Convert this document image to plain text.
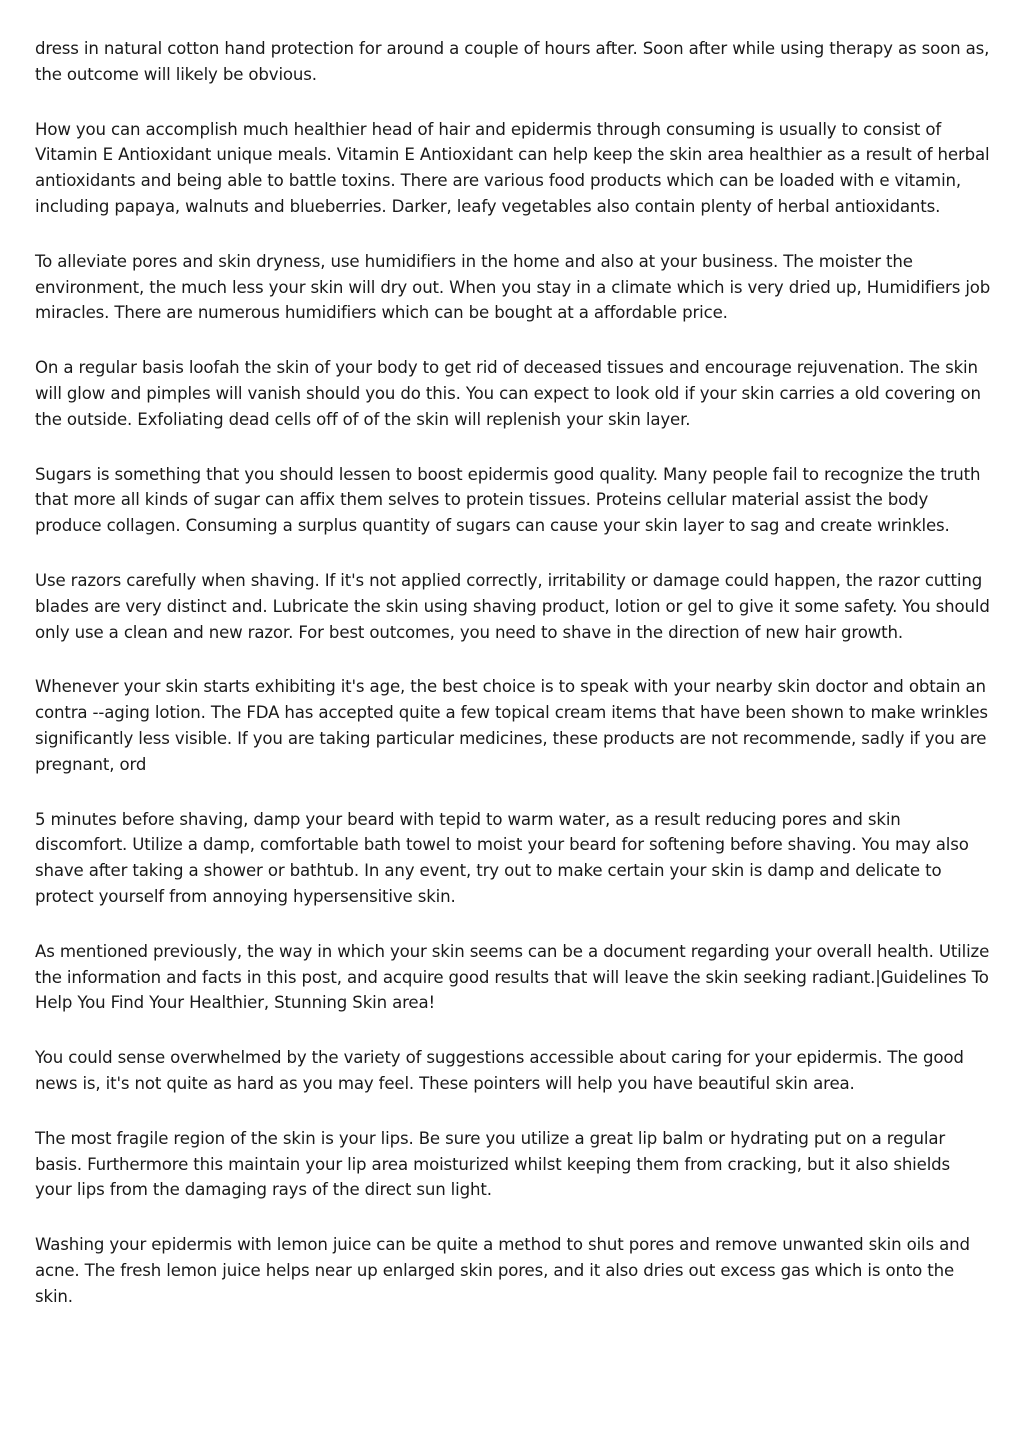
dress in natural cotton hand protection for around a couple of hours after. Soon after while using therapy as soon as, the outcome will likely be obvious.

How you can accomplish much healthier head of hair and epidermis through consuming is usually to consist of Vitamin E Antioxidant unique meals. Vitamin E Antioxidant can help keep the skin area healthier as a result of herbal antioxidants and being able to battle toxins. There are various food products which can be loaded with e vitamin, including papaya, walnuts and blueberries. Darker, leafy vegetables also contain plenty of herbal antioxidants.

To alleviate pores and skin dryness, use humidifiers in the home and also at your business. The moister the environment, the much less your skin will dry out. When you stay in a climate which is very dried up, Humidifiers job miracles. There are numerous humidifiers which can be bought at a affordable price.

On a regular basis loofah the skin of your body to get rid of deceased tissues and encourage rejuvenation. The skin will glow and pimples will vanish should you do this. You can expect to look old if your skin carries a old covering on the outside. Exfoliating dead cells off of of the skin will replenish your skin layer.

Sugars is something that you should lessen to boost epidermis good quality. Many people fail to recognize the truth that more all kinds of sugar can affix them selves to protein tissues. Proteins cellular material assist the body produce collagen. Consuming a surplus quantity of sugars can cause your skin layer to sag and create wrinkles.

Use razors carefully when shaving. If it's not applied correctly, irritability or damage could happen, the razor cutting blades are very distinct and. Lubricate the skin using shaving product, lotion or gel to give it some safety. You should only use a clean and new razor. For best outcomes, you need to shave in the direction of new hair growth.

Whenever your skin starts exhibiting it's age, the best choice is to speak with your nearby skin doctor and obtain an contra --aging lotion. The FDA has accepted quite a few topical cream items that have been shown to make wrinkles significantly less visible. If you are taking particular medicines, these products are not recommende, sadly if you are pregnant, ord

5 minutes before shaving, damp your beard with tepid to warm water, as a result reducing pores and skin discomfort. Utilize a damp, comfortable bath towel to moist your beard for softening before shaving. You may also shave after taking a shower or bathtub. In any event, try out to make certain your skin is damp and delicate to protect yourself from annoying hypersensitive skin.

As mentioned previously, the way in which your skin seems can be a document regarding your overall health. Utilize the information and facts in this post, and acquire good results that will leave the skin seeking radiant.|Guidelines To Help You Find Your Healthier, Stunning Skin area!

You could sense overwhelmed by the variety of suggestions accessible about caring for your epidermis. The good news is, it's not quite as hard as you may feel. These pointers will help you have beautiful skin area.

The most fragile region of the skin is your lips. Be sure you utilize a great lip balm or hydrating put on a regular basis. Furthermore this maintain your lip area moisturized whilst keeping them from cracking, but it also shields your lips from the damaging rays of the direct sun light.

Washing your epidermis with lemon juice can be quite a method to shut pores and remove unwanted skin oils and acne. The fresh lemon juice helps near up enlarged skin pores, and it also dries out excess gas which is onto the skin.
